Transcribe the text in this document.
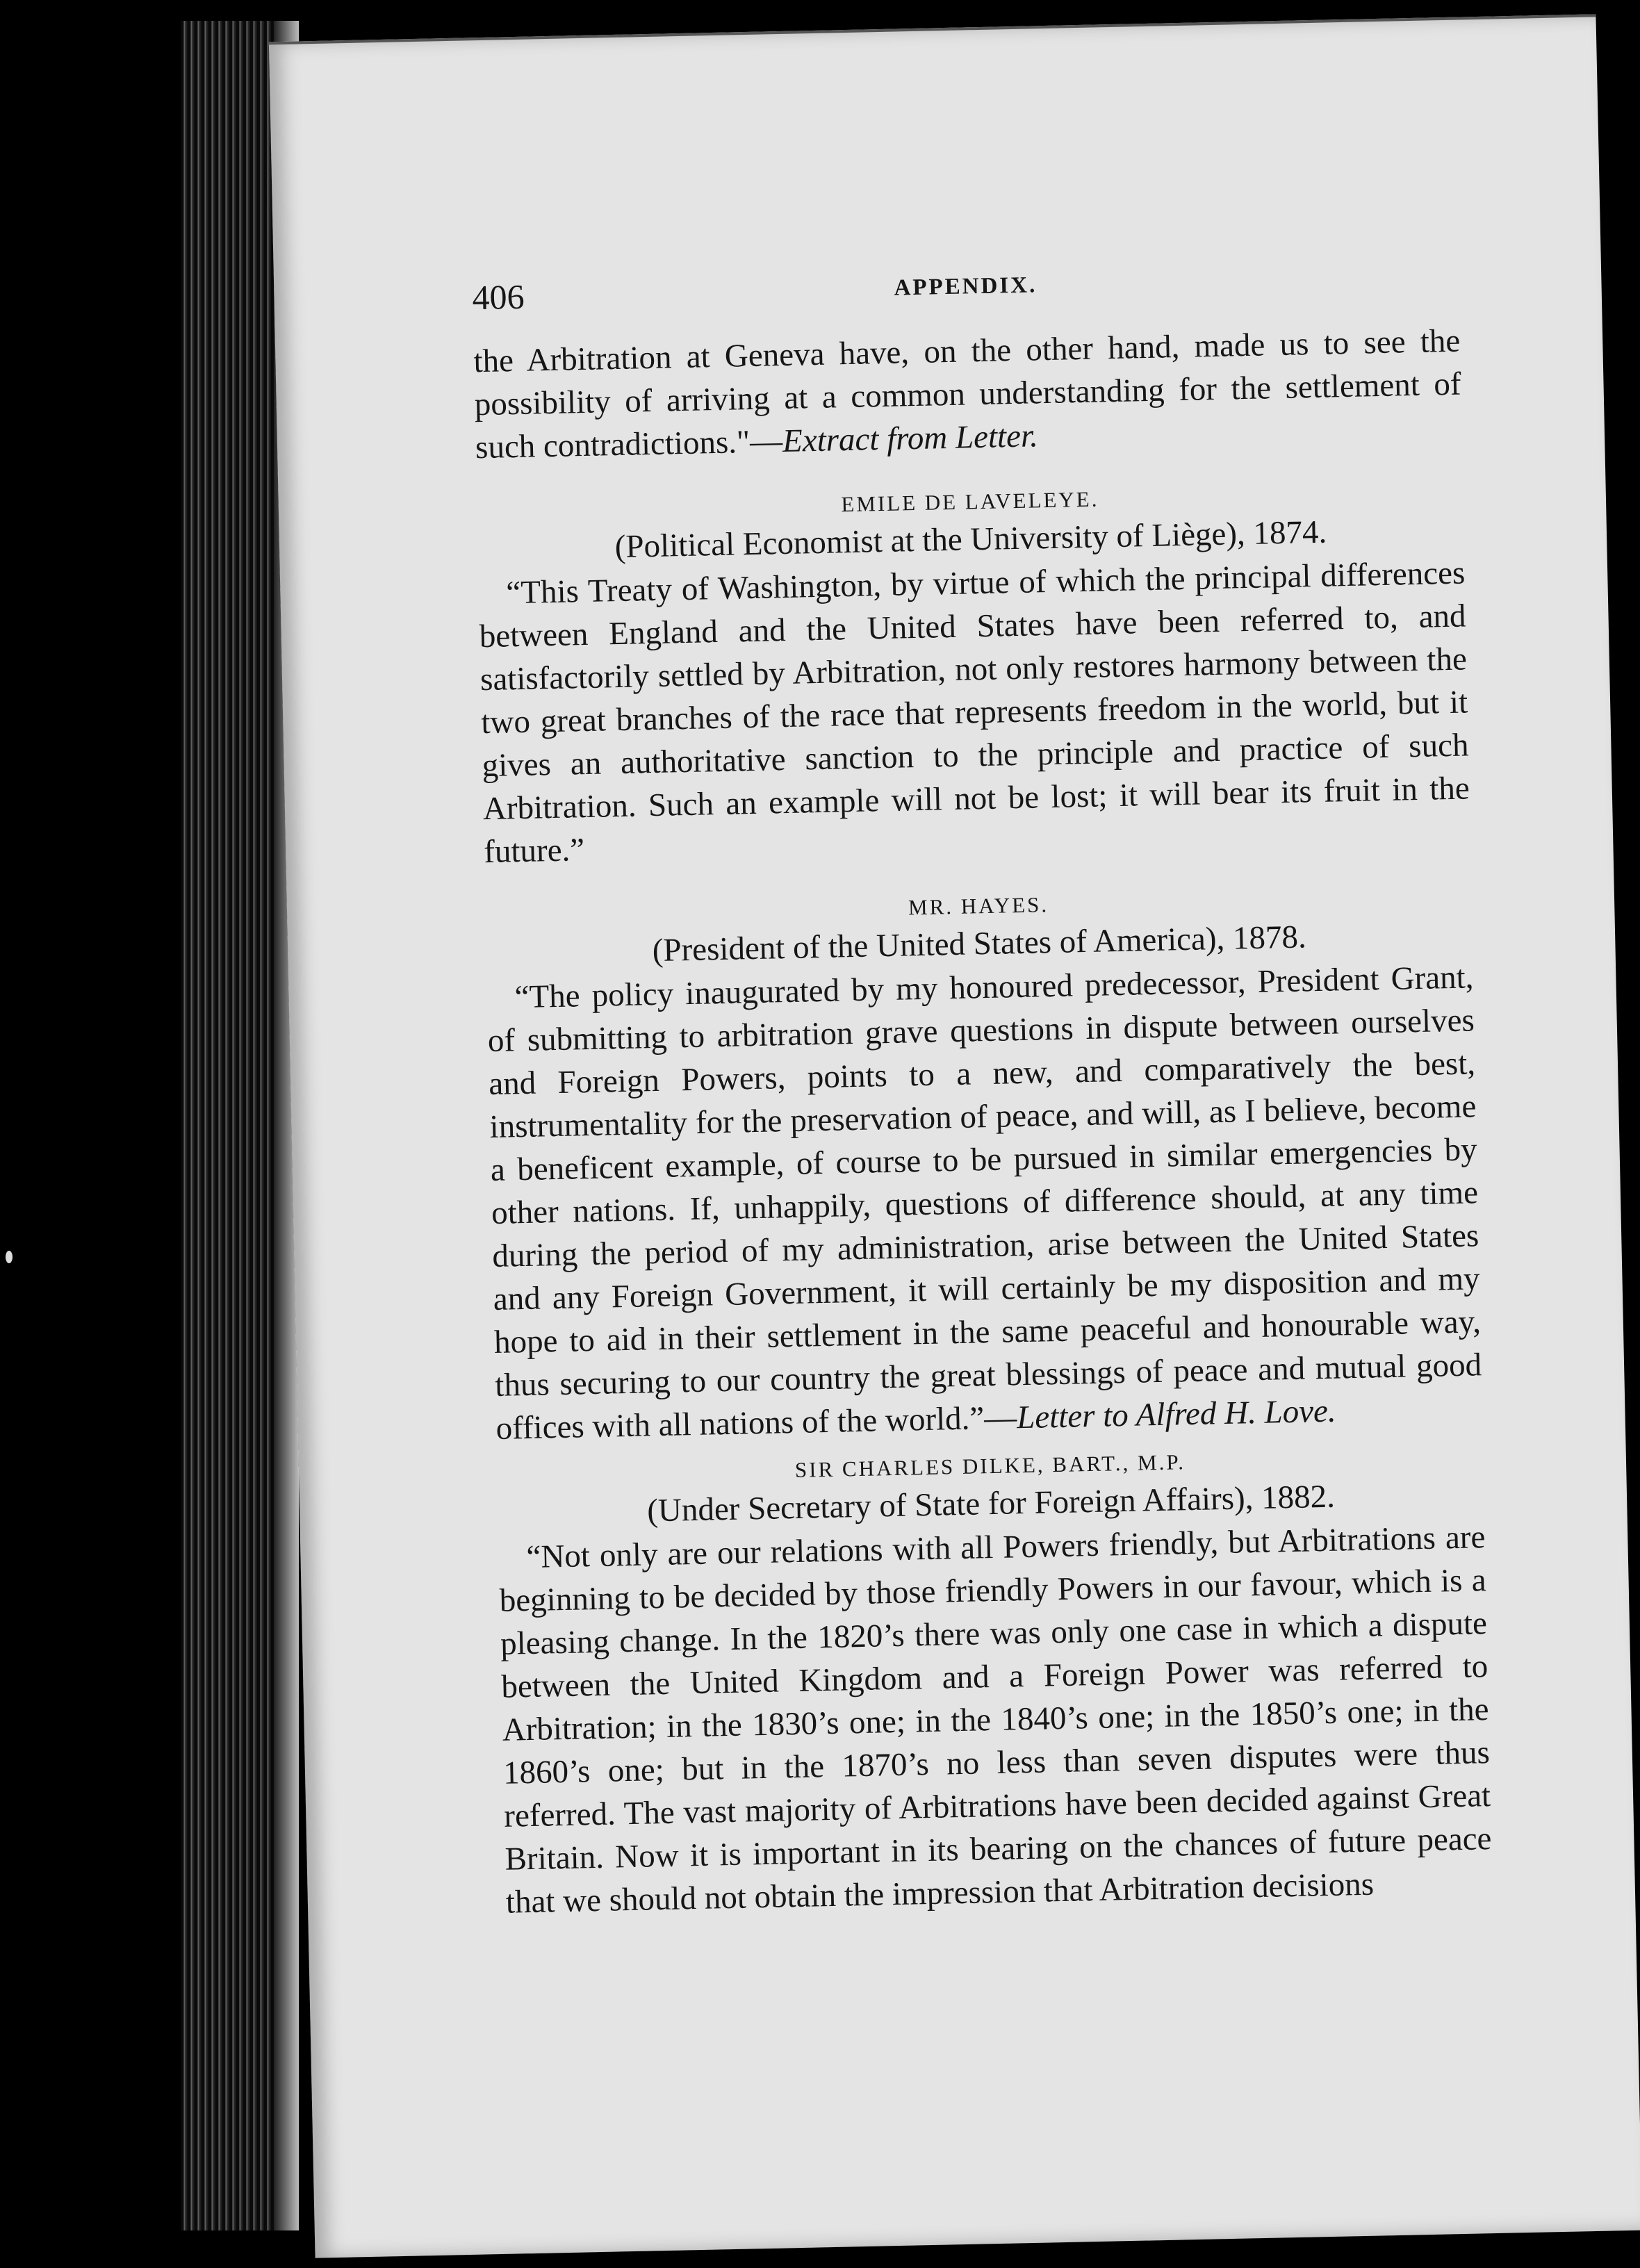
406	APPENDIX.

the Arbitration at Geneva have, on the other hand, made us to see the possibility of arriving at a common understanding for the settlement of such contradictions."—Extract from Letter.

EMILE DE LAVELEYE.
(Political Economist at the University of Liège), 1874.

“This Treaty of Washington, by virtue of which the principal differences between England and the United States have been referred to, and satisfactorily settled by Arbitration, not only restores harmony between the two great branches of the race that represents freedom in the world, but it gives an authoritative sanction to the principle and practice of such Arbitration. Such an example will not be lost; it will bear its fruit in the future.”

MR. HAYES.
(President of the United States of America), 1878.

“The policy inaugurated by my honoured predecessor, President Grant, of submitting to arbitration grave questions in dispute between ourselves and Foreign Powers, points to a new, and comparatively the best, instrumentality for the preservation of peace, and will, as I believe, become a beneficent example, of course to be pursued in similar emergencies by other nations. If, unhappily, questions of difference should, at any time during the period of my administration, arise between the United States and any Foreign Government, it will certainly be my disposition and my hope to aid in their settlement in the same peaceful and honourable way, thus securing to our country the great blessings of peace and mutual good offices with all nations of the world.”—Letter to Alfred H. Love.

SIR CHARLES DILKE, BART., M.P.
(Under Secretary of State for Foreign Affairs), 1882.

“Not only are our relations with all Powers friendly, but Arbitrations are beginning to be decided by those friendly Powers in our favour, which is a pleasing change. In the 1820’s there was only one case in which a dispute between the United Kingdom and a Foreign Power was referred to Arbitration; in the 1830’s one; in the 1840’s one; in the 1850’s one; in the 1860’s one; but in the 1870’s no less than seven disputes were thus referred. The vast majority of Arbitrations have been decided against Great Britain. Now it is important in its bearing on the chances of future peace that we should not obtain the impression that Arbitration decisions
